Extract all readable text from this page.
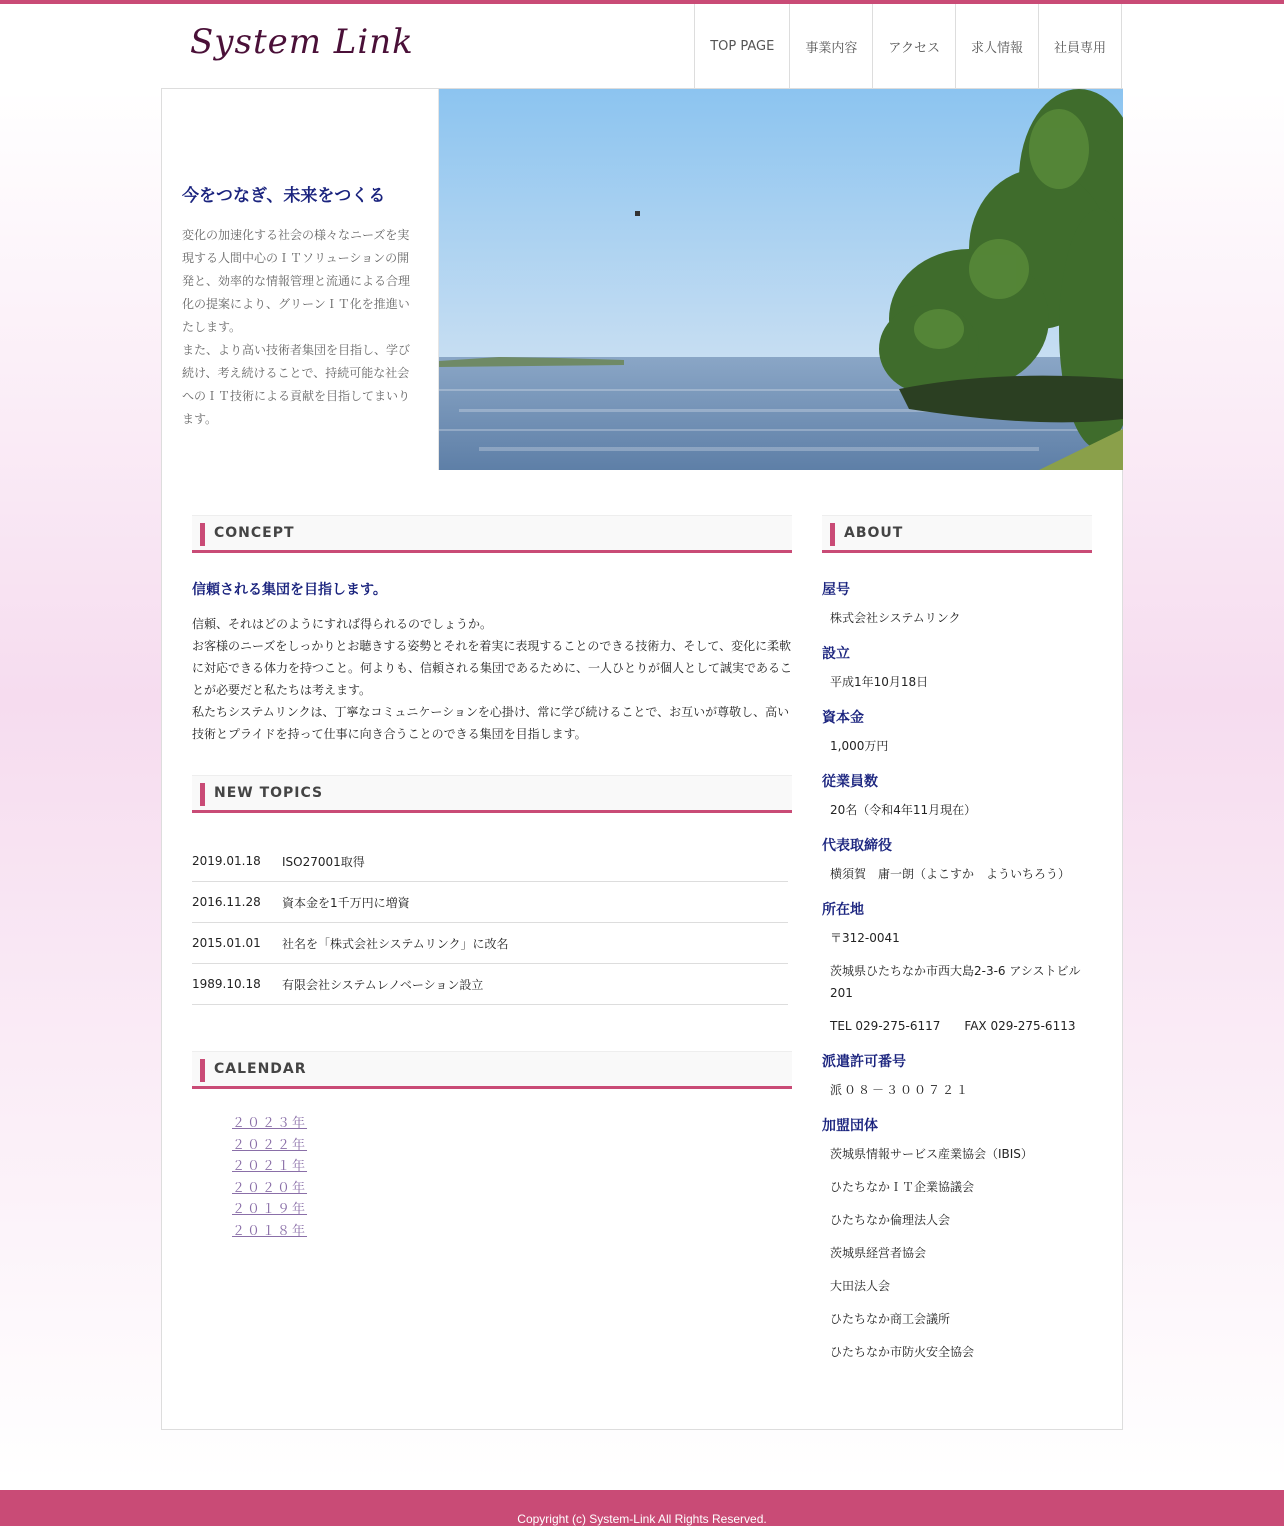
System Link	TOP PAGE	事業内容	アクセス	求人情報	社員専用
今をつなぎ、未来をつくる

変化の加速化する社会の様々なニーズを実現する人間中心のＩＴソリューションの開発と、効率的な情報管理と流通による合理化の提案により、グリーンＩＴ化を推進いたします。
また、より高い技術者集団を目指し、学び続け、考え続けることで、持続可能な社会へのＩＴ技術による貢献を目指してまいります。

CONCEPT
信頼される集団を目指します。

信頼、それはどのようにすれば得られるのでしょうか。
お客様のニーズをしっかりとお聴きする姿勢とそれを着実に表現することのできる技術力、そして、変化に柔軟に対応できる体力を持つこと。何よりも、信頼される集団であるために、一人ひとりが個人として誠実であることが必要だと私たちは考えます。
私たちシステムリンクは、丁寧なコミュニケーションを心掛け、常に学び続けることで、お互いが尊敬し、高い技術とプライドを持って仕事に向き合うことのできる集団を目指します。

NEW TOPICS
2019.01.18	ISO27001取得
2016.11.28	資本金を1千万円に増資
2015.01.01	社名を「株式会社システムリンク」に改名
1989.10.18	有限会社システムレノベーション設立
CALENDAR
２０２３年
２０２２年
２０２１年
２０２０年
２０１９年
２０１８年
ABOUT
屋号
株式会社システムリンク
設立
平成1年10月18日
資本金
1,000万円
従業員数
20名（令和4年11月現在）
代表取締役
横須賀　庸一朗（よこすか　よういちろう）
所在地
〒312-0041
茨城県ひたちなか市西大島2-3-6 アシストビル201
TEL 029-275-6117　　FAX 029-275-6113
派遣許可番号
派０８－３００７２１
加盟団体
茨城県情報サービス産業協会（IBIS）
ひたちなかＩＴ企業協議会
ひたちなか倫理法人会
茨城県経営者協会
大田法人会
ひたちなか商工会議所
ひたちなか市防火安全協会
Copyright (c) System-Link All Rights Reserved.
